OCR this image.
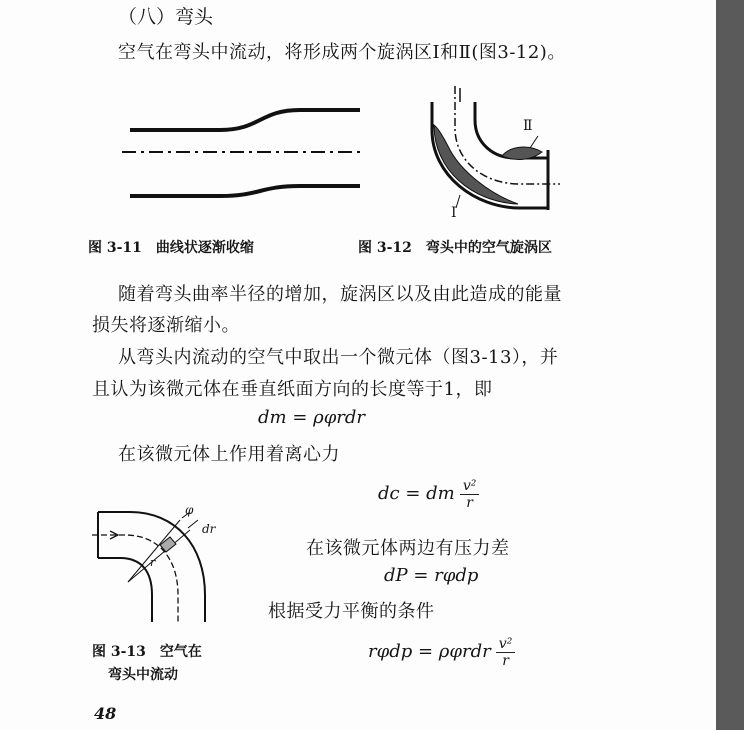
（八）弯头
空气在弯头中流动，将形成两个旋涡区Ⅰ和Ⅱ(图3-12)。
图 3-11　曲线状逐渐收缩
Ⅱ
Ⅰ
图 3-12　弯头中的空气旋涡区
随着弯头曲率半径的增加，旋涡区以及由此造成的能量
损失将逐渐缩小。
从弯头内流动的空气中取出一个微元体（图3-13），并
且认为该微元体在垂直纸面方向的长度等于1，即
dm = ρφrdr
在该微元体上作用着离心力
dc = dm $\frac{\text{v²}}{r}$
φ
dr
r
在该微元体两边有压力差
dP = rφdp
根据受力平衡的条件
图 3-13　空气在
弯头中流动
rφdp = ρφrdr $\frac{\text{v²}}{r}$
48
